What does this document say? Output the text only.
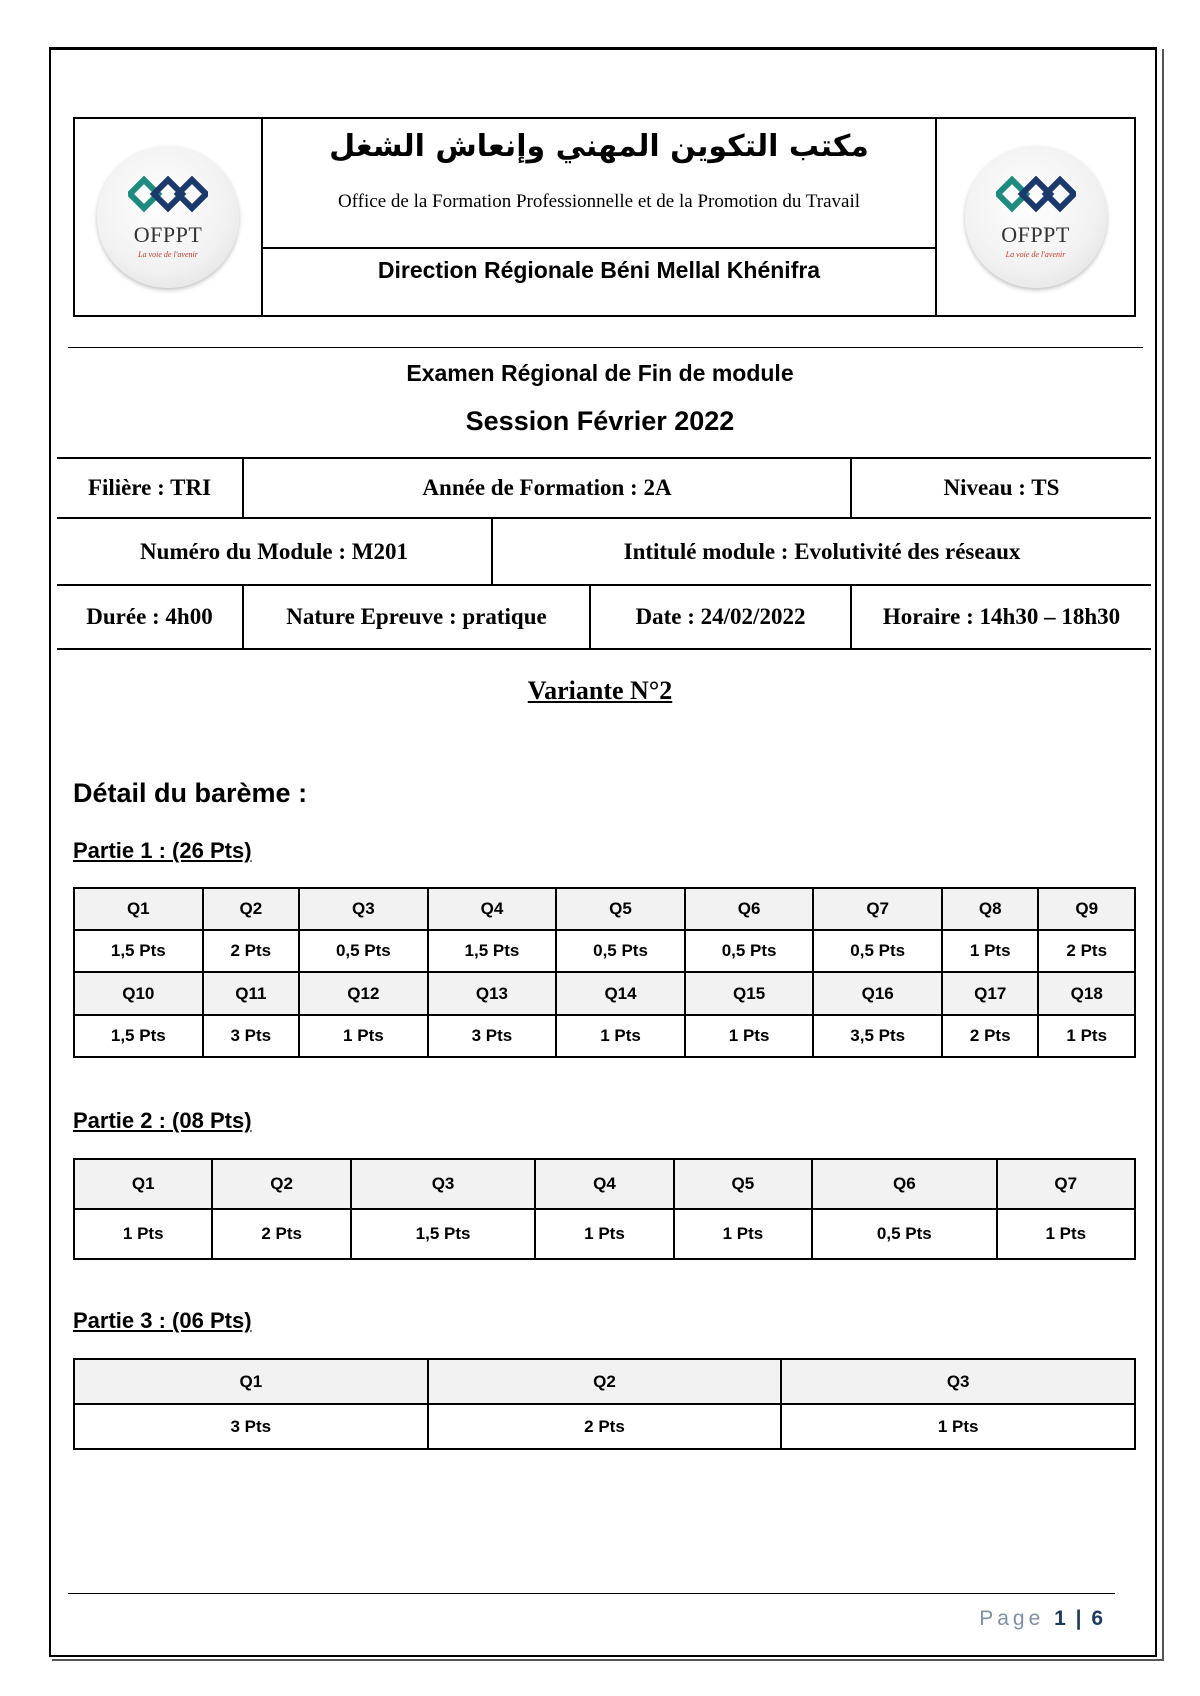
OFPPT
La voie de l'avenir
مكتب التكوين المهني وإنعاش الشغل
Office de la Formation Professionnelle et de la Promotion du Travail
Direction Régionale Béni Mellal Khénifra
OFPPT
La voie de l'avenir
Examen Régional de Fin de module
Session Février 2022
Filière : TRI	Année de Formation : 2A	Niveau : TS
Numéro du Module : M201	Intitulé module : Evolutivité des réseaux
Durée : 4h00	Nature Epreuve : pratique	Date : 24/02/2022	Horaire : 14h30 – 18h30
Variante N°2
Détail du barème :
Partie 1 : (26 Pts)
Q1	Q2	Q3	Q4	Q5	Q6	Q7	Q8	Q9
1,5 Pts	2 Pts	0,5 Pts	1,5 Pts	0,5 Pts	0,5 Pts	0,5 Pts	1 Pts	2 Pts
Q10	Q11	Q12	Q13	Q14	Q15	Q16	Q17	Q18
1,5 Pts	3 Pts	1 Pts	3 Pts	1 Pts	1 Pts	3,5 Pts	2 Pts	1 Pts
Partie 2 : (08 Pts)
Q1	Q2	Q3	Q4	Q5	Q6	Q7
1 Pts	2 Pts	1,5 Pts	1 Pts	1 Pts	0,5 Pts	1 Pts
Partie 3 : (06 Pts)
Q1	Q2	Q3
3 Pts	2 Pts	1 Pts
Page 1 | 6
